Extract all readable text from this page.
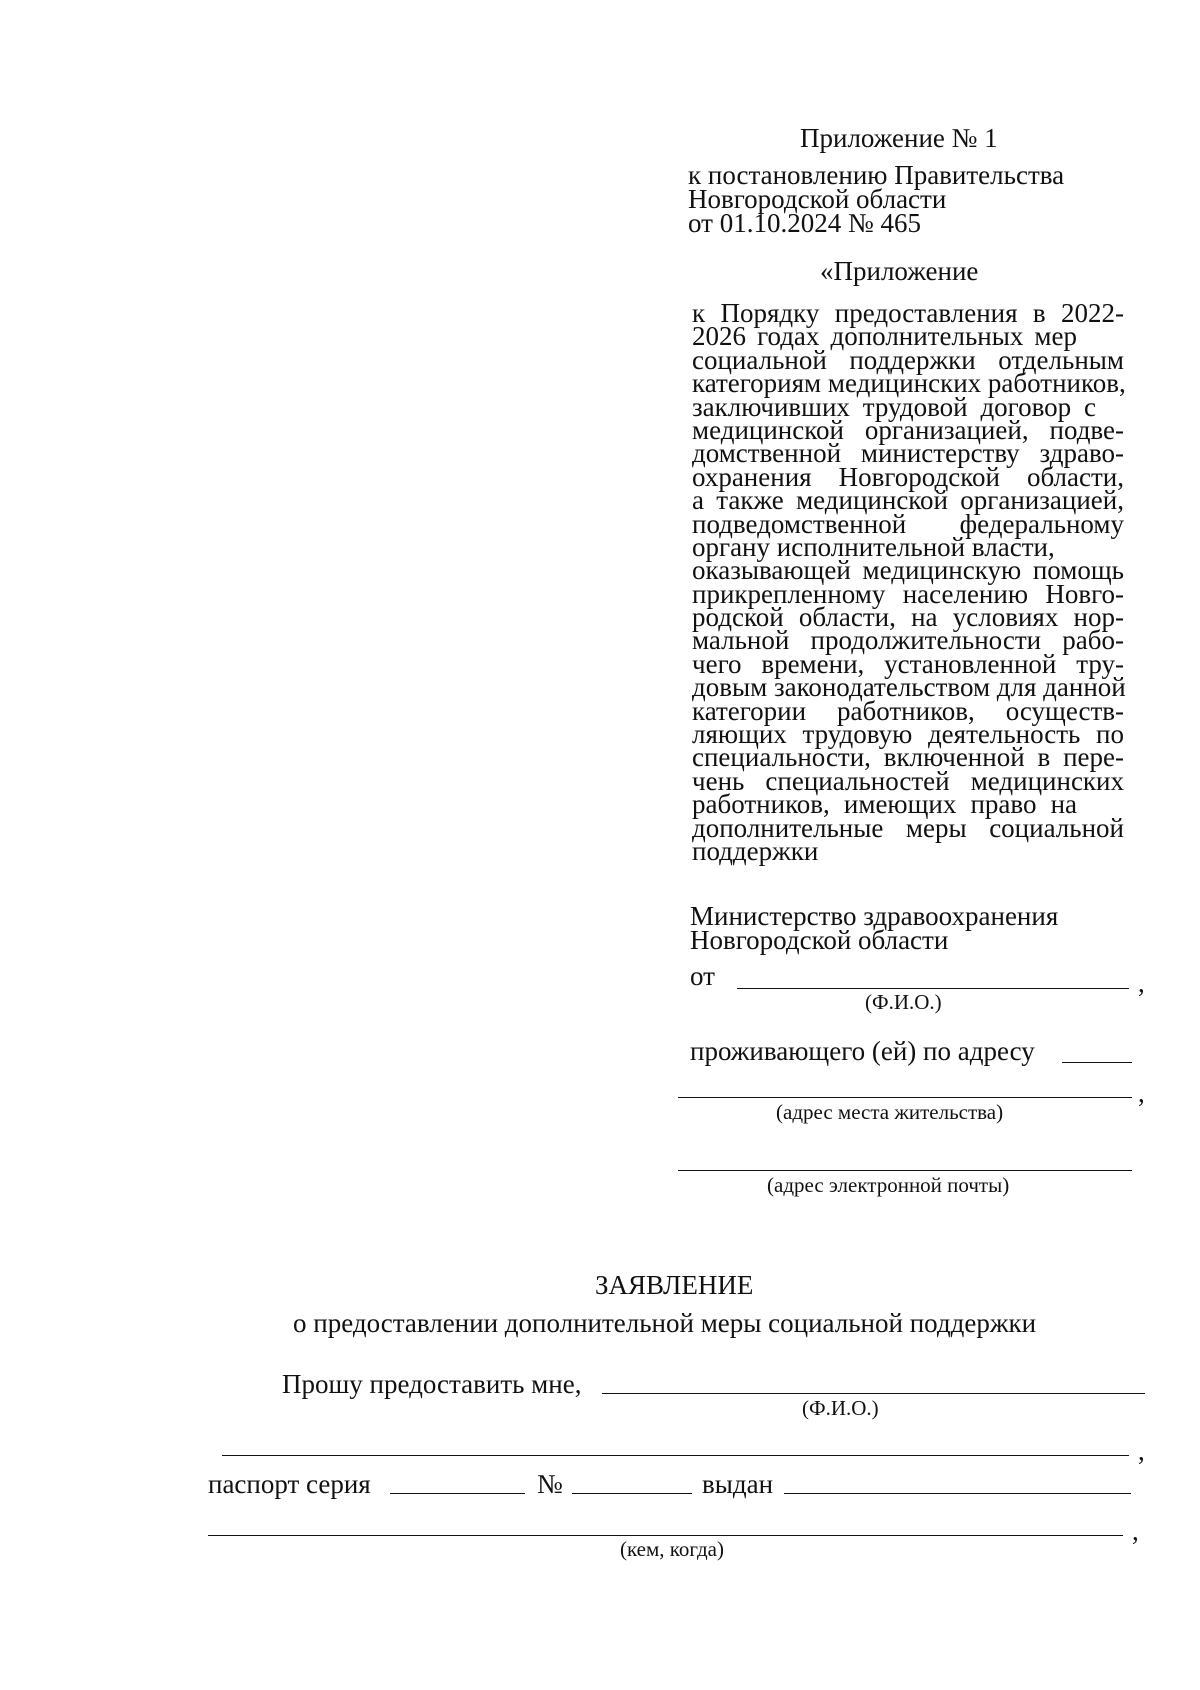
Приложение № 1
к постановлению Правительства
Новгородской области
от 01.10.2024 № 465
«Приложение
к Порядку предоставления в 2022-
2026 годах дополнительных мер
социальной поддержки отдельным
категориям медицинских работников,
заключивших трудовой договор с
медицинской организацией, подве-
домственной министерству здраво-
охранения Новгородской области,
а также медицинской организацией,
подведомственной федеральному
органу исполнительной власти,
оказывающей медицинскую помощь
прикрепленному населению Новго-
родской области, на условиях нор-
мальной продолжительности рабо-
чего времени, установленной тру-
довым законодательством для данной
категории работников, осуществ-
ляющих трудовую деятельность по
специальности, включенной в пере-
чень специальностей медицинских
работников, имеющих право на
дополнительные меры социальной
поддержки
Министерство здравоохранения
Новгородской области
от	,
(Ф.И.О.)
проживающего (ей) по адресу
,
(адрес места жительства)
(адрес электронной почты)
ЗАЯВЛЕНИЕ
о предоставлении дополнительной меры социальной поддержки
Прошу предоставить мне,
(Ф.И.О.)
,
паспорт серия	№	выдан
,
(кем, когда)
